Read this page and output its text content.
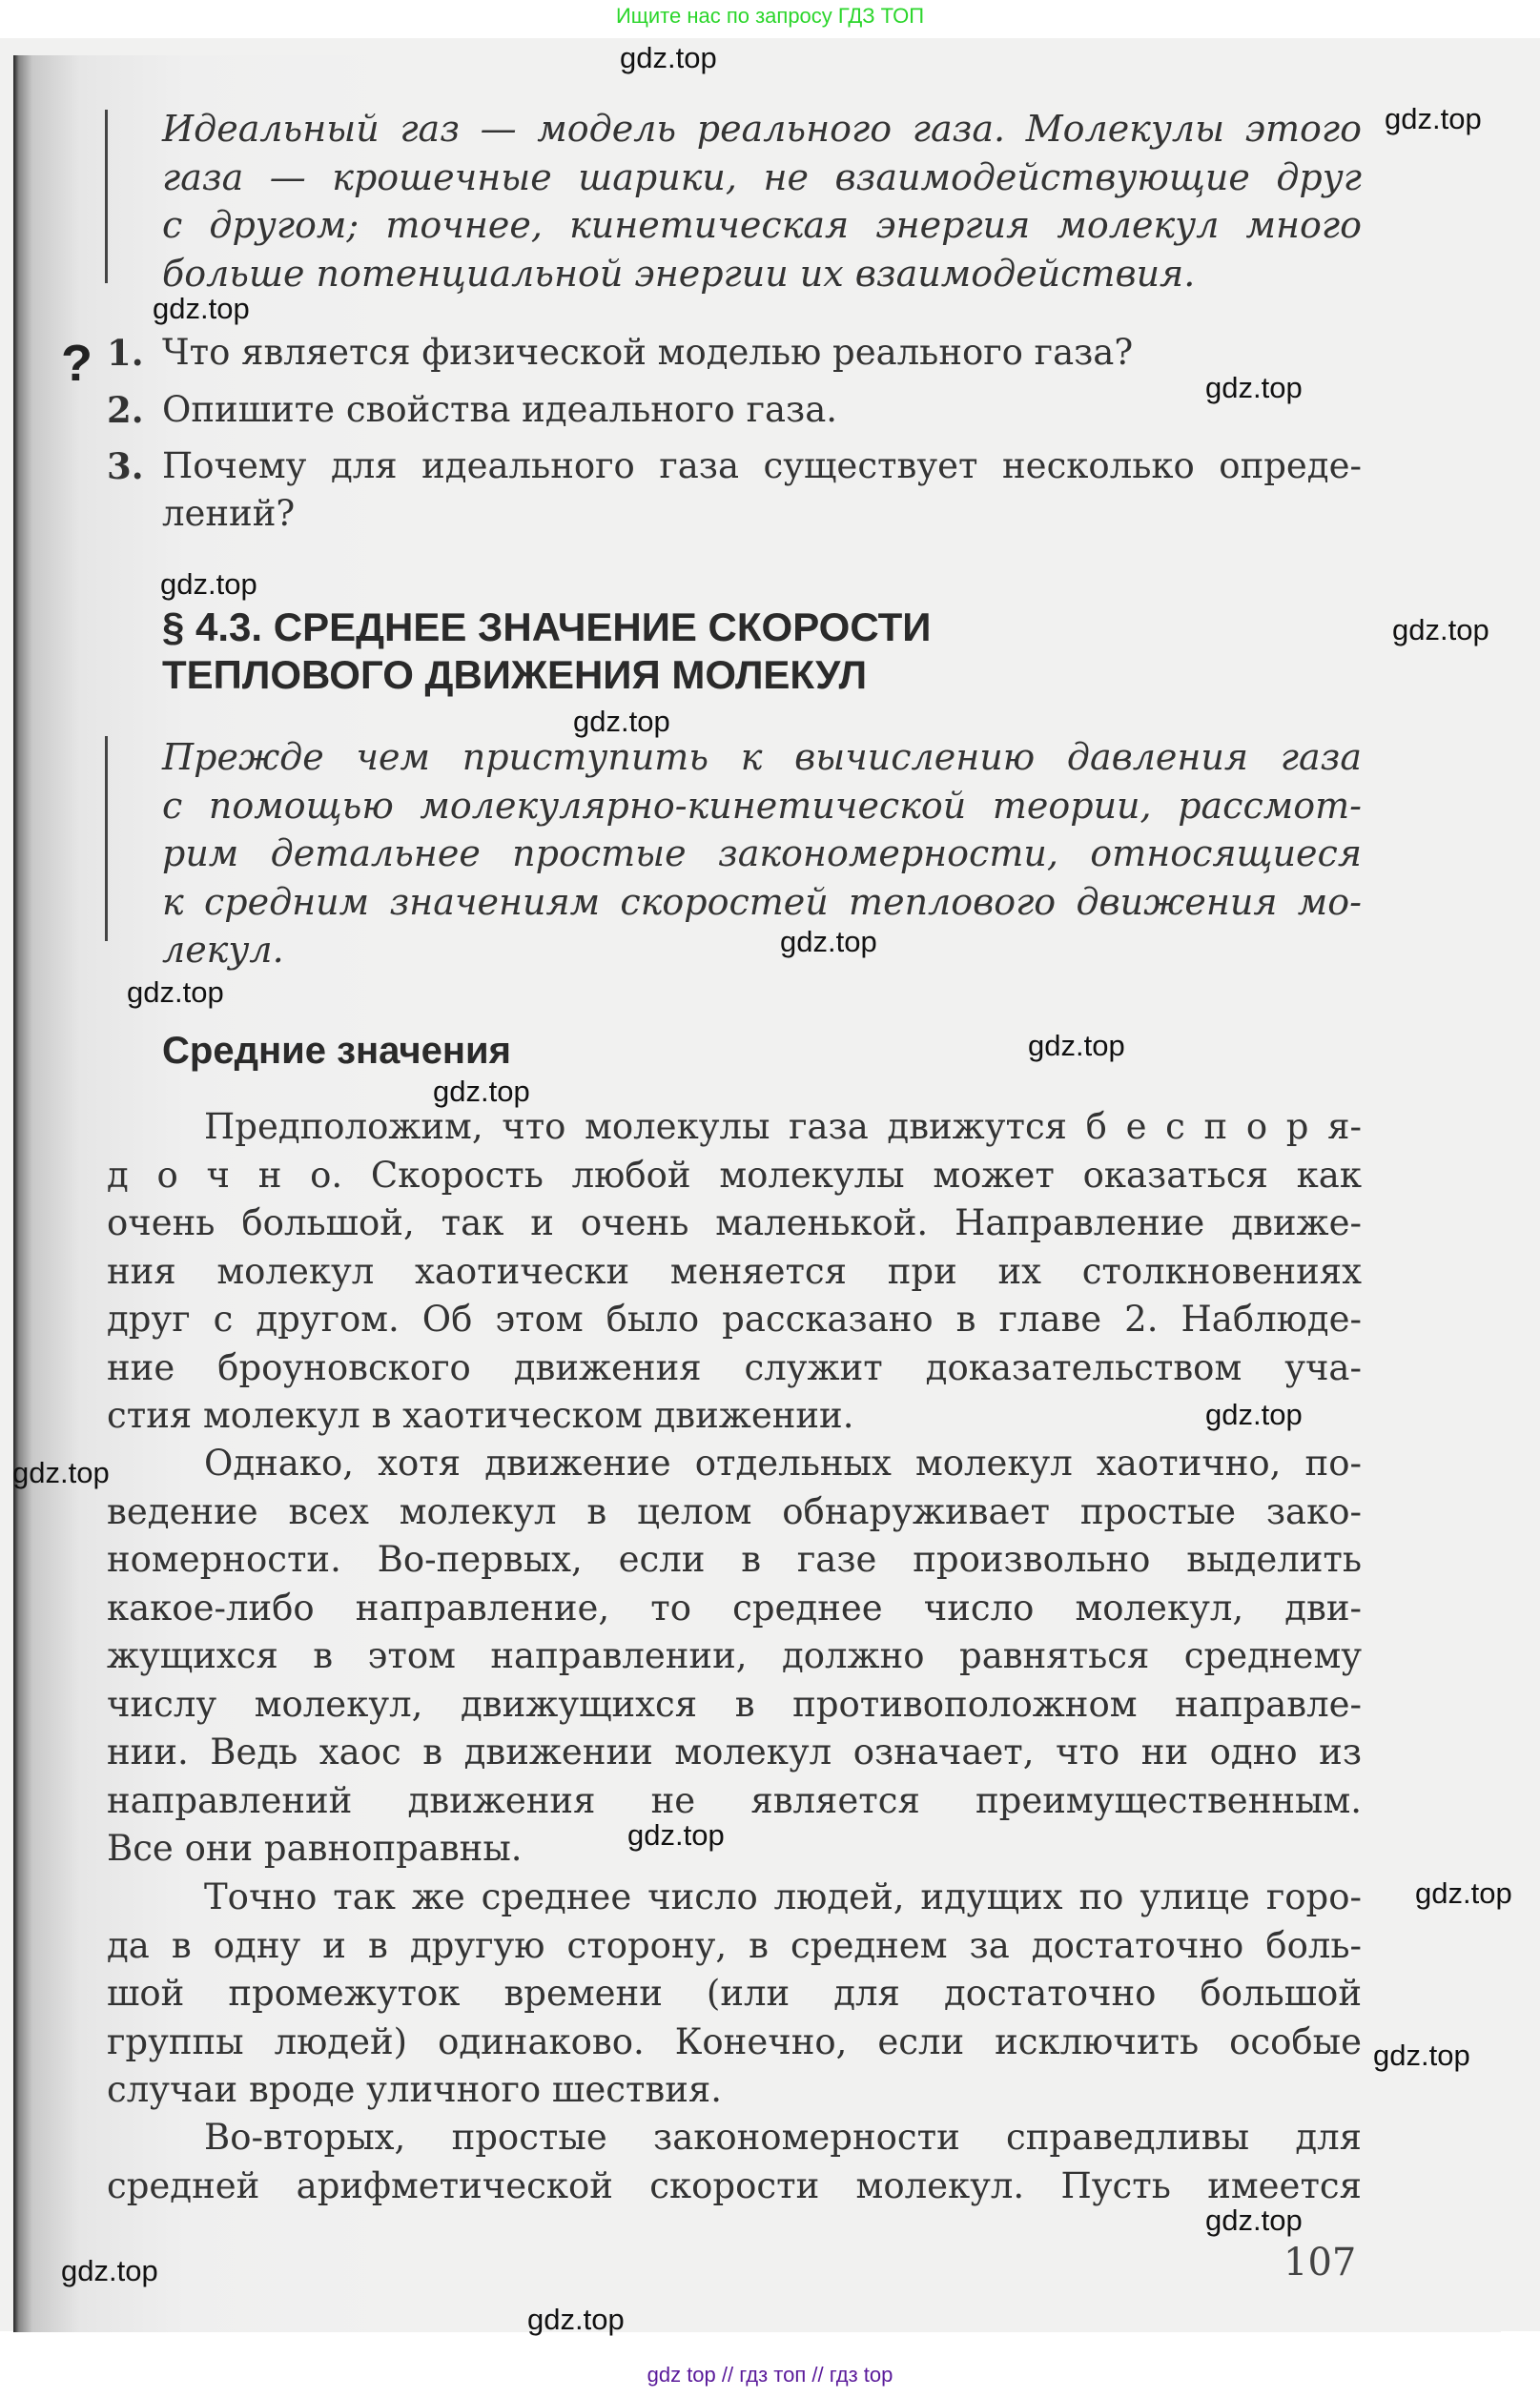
Ищите нас по запросу ГДЗ ТОП
Идеальный газ — модель реального газа. Молекулы этого
газа — крошечные шарики, не взаимодействующие друг
с другом; точнее, кинетическая энергия молекул много
больше потенциальной энергии их взаимодействия.
1. Что является физической моделью реального газа?
2. Опишите свойства идеального газа.
3. Почему для идеального газа существует несколько опреде-
лений?
§ 4.3. СРЕДНЕЕ ЗНАЧЕНИЕ СКОРОСТИ
ТЕПЛОВОГО ДВИЖЕНИЯ МОЛЕКУЛ
Прежде чем приступить к вычислению давления газа
с помощью молекулярно-кинетической теории, рассмот-
рим детальнее простые закономерности, относящиеся
к средним значениям скоростей теплового движения мо-
лекул.
Предположим, что молекулы газа движутся б е с п о р я-
д о ч н о. Скорость любой молекулы может оказаться как
очень большой, так и очень маленькой. Направление движе-
ния молекул хаотически меняется при их столкновениях
друг с другом. Об этом было рассказано в главе 2. Наблюде-
ние броуновского движения служит доказательством уча-
стия молекул в хаотическом движении.
Однако, хотя движение отдельных молекул хаотично, по-
ведение всех молекул в целом обнаруживает простые зако-
номерности. Во-первых, если в газе произвольно выделить
какое-либо направление, то среднее число молекул, дви-
жущихся в этом направлении, должно равняться среднему
числу молекул, движущихся в противоположном направле-
нии. Ведь хаос в движении молекул означает, что ни одно из
направлений движения не является преимущественным.
Все они равноправны.
Точно так же среднее число людей, идущих по улице горо-
да в одну и в другую сторону, в среднем за достаточно боль-
шой промежуток времени (или для достаточно большой
группы людей) одинаково. Конечно, если исключить особые
случаи вроде уличного шествия.
Во-вторых, простые закономерности справедливы для
средней арифметической скорости молекул. Пусть имеется
?
Средние значения
107
gdz top // гдз топ // гдз top
gdz.top
gdz.top
gdz.top
gdz.top
gdz.top
gdz.top
gdz.top
gdz.top
gdz.top
gdz.top
gdz.top
gdz.top
gdz.top
gdz.top
gdz.top
gdz.top
gdz.top
gdz.top
gdz.top
